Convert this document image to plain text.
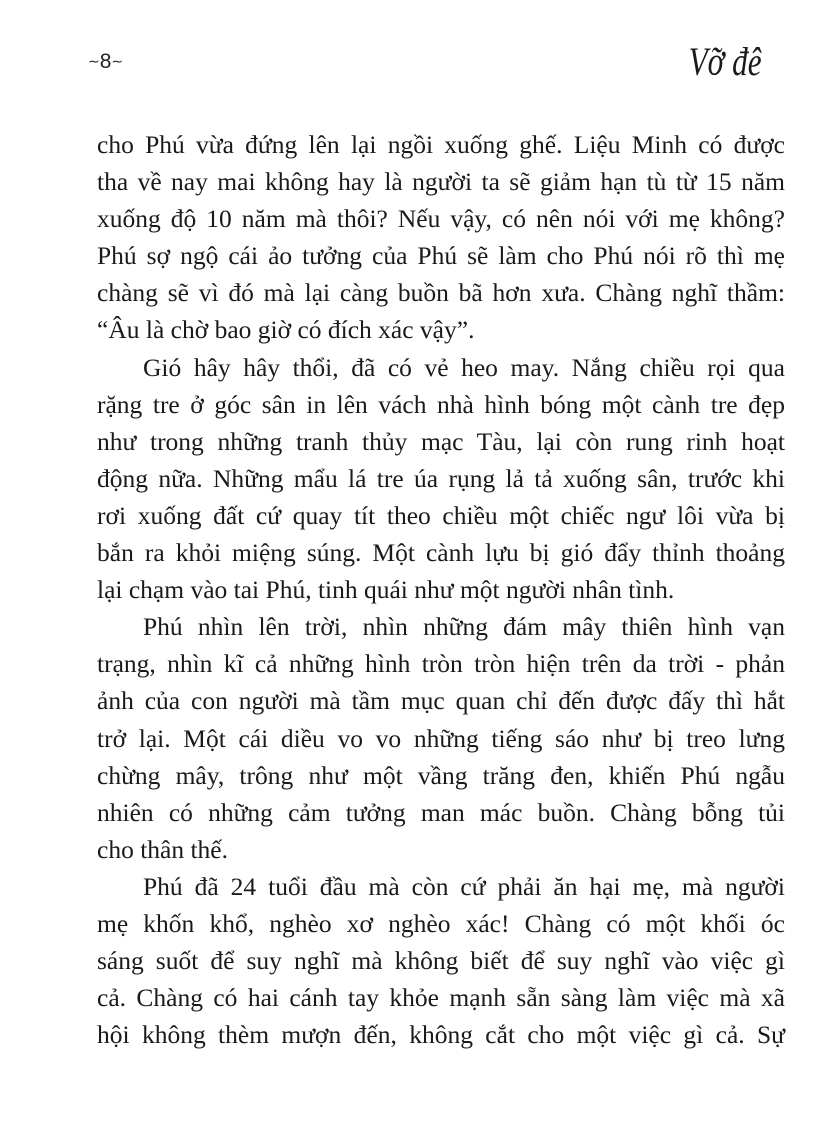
∼8∼	Vỡ đê

cho Phú vừa đứng lên lại ngồi xuống ghế. Liệu Minh có được
tha về nay mai không hay là người ta sẽ giảm hạn tù từ 15 năm
xuống độ 10 năm mà thôi? Nếu vậy, có nên nói với mẹ không?
Phú sợ ngộ cái ảo tưởng của Phú sẽ làm cho Phú nói rõ thì mẹ
chàng sẽ vì đó mà lại càng buồn bã hơn xưa. Chàng nghĩ thầm:
“Âu là chờ bao giờ có đích xác vậy”.

Gió hây hây thổi, đã có vẻ heo may. Nắng chiều rọi qua
rặng tre ở góc sân in lên vách nhà hình bóng một cành tre đẹp
như trong những tranh thủy mạc Tàu, lại còn rung rinh hoạt
động nữa. Những mẩu lá tre úa rụng lả tả xuống sân, trước khi
rơi xuống đất cứ quay tít theo chiều một chiếc ngư lôi vừa bị
bắn ra khỏi miệng súng. Một cành lựu bị gió đẩy thỉnh thoảng
lại chạm vào tai Phú, tinh quái như một người nhân tình.

Phú nhìn lên trời, nhìn những đám mây thiên hình vạn
trạng, nhìn kĩ cả những hình tròn tròn hiện trên da trời - phản
ảnh của con người mà tầm mục quan chỉ đến được đấy thì hắt
trở lại. Một cái diều vo vo những tiếng sáo như bị treo lưng
chừng mây, trông như một vầng trăng đen, khiến Phú ngẫu
nhiên có những cảm tưởng man mác buồn. Chàng bỗng tủi
cho thân thế.

Phú đã 24 tuổi đầu mà còn cứ phải ăn hại mẹ, mà người
mẹ khốn khổ, nghèo xơ nghèo xác! Chàng có một khối óc
sáng suốt để suy nghĩ mà không biết để suy nghĩ vào việc gì
cả. Chàng có hai cánh tay khỏe mạnh sẵn sàng làm việc mà xã
hội không thèm mượn đến, không cắt cho một việc gì cả. Sự
